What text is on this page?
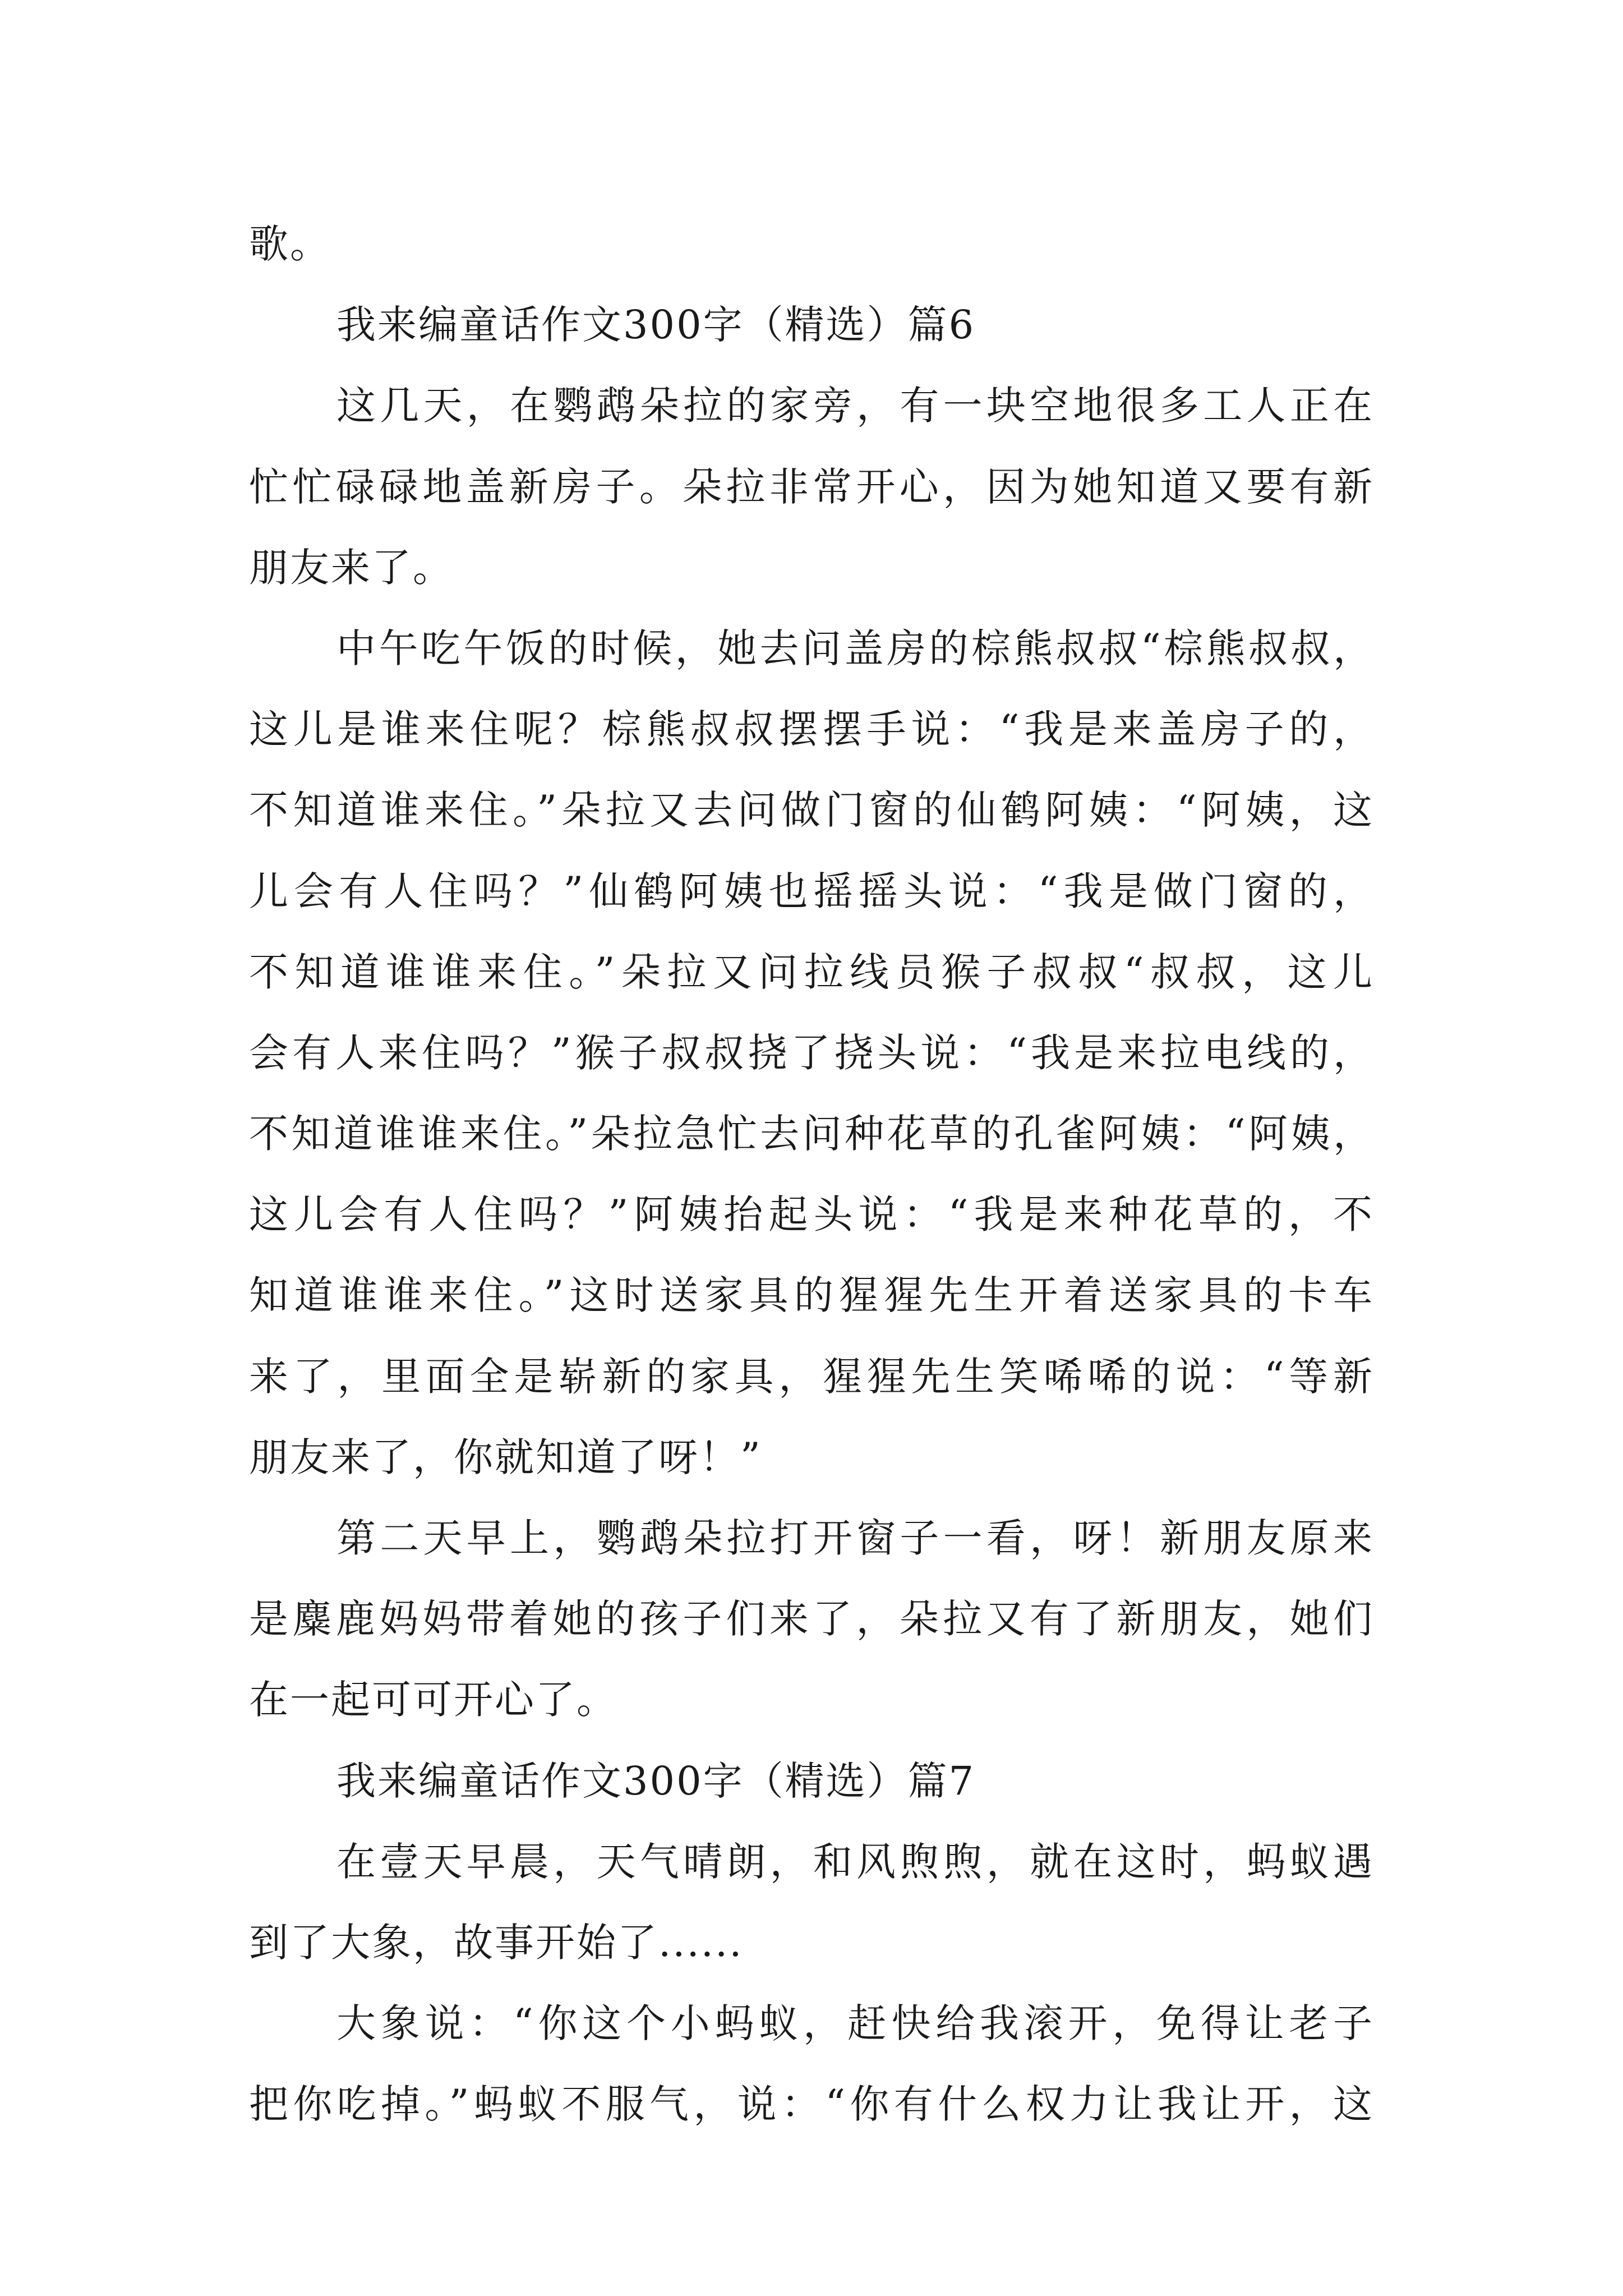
歌。
我来编童话作文300字（精选）篇6
这几天，在鹦鹉朵拉的家旁，有一块空地很多工人正在
忙忙碌碌地盖新房子。朵拉非常开心，因为她知道又要有新
朋友来了。
中午吃午饭的时候，她去问盖房的棕熊叔叔“棕熊叔叔，
这儿是谁来住呢？棕熊叔叔摆摆手说：“我是来盖房子的，
不知道谁来住。”朵拉又去问做门窗的仙鹤阿姨：“阿姨，这
儿会有人住吗？”仙鹤阿姨也摇摇头说：“我是做门窗的，
不知道谁谁来住。”朵拉又问拉线员猴子叔叔“叔叔，这儿
会有人来住吗？”猴子叔叔挠了挠头说：“我是来拉电线的，
不知道谁谁来住。”朵拉急忙去问种花草的孔雀阿姨：“阿姨，
这儿会有人住吗？”阿姨抬起头说：“我是来种花草的，不
知道谁谁来住。”这时送家具的猩猩先生开着送家具的卡车
来了，里面全是崭新的家具，猩猩先生笑唏唏的说：“等新
朋友来了，你就知道了呀！”
第二天早上，鹦鹉朵拉打开窗子一看，呀！新朋友原来
是麋鹿妈妈带着她的孩子们来了，朵拉又有了新朋友，她们
在一起可可开心了。
我来编童话作文300字（精选）篇7
在壹天早晨，天气晴朗，和风煦煦，就在这时，蚂蚁遇
到了大象，故事开始了......
大象说：“你这个小蚂蚁，赶快给我滚开，免得让老子
把你吃掉。”蚂蚁不服气，说：“你有什么权力让我让开，这
